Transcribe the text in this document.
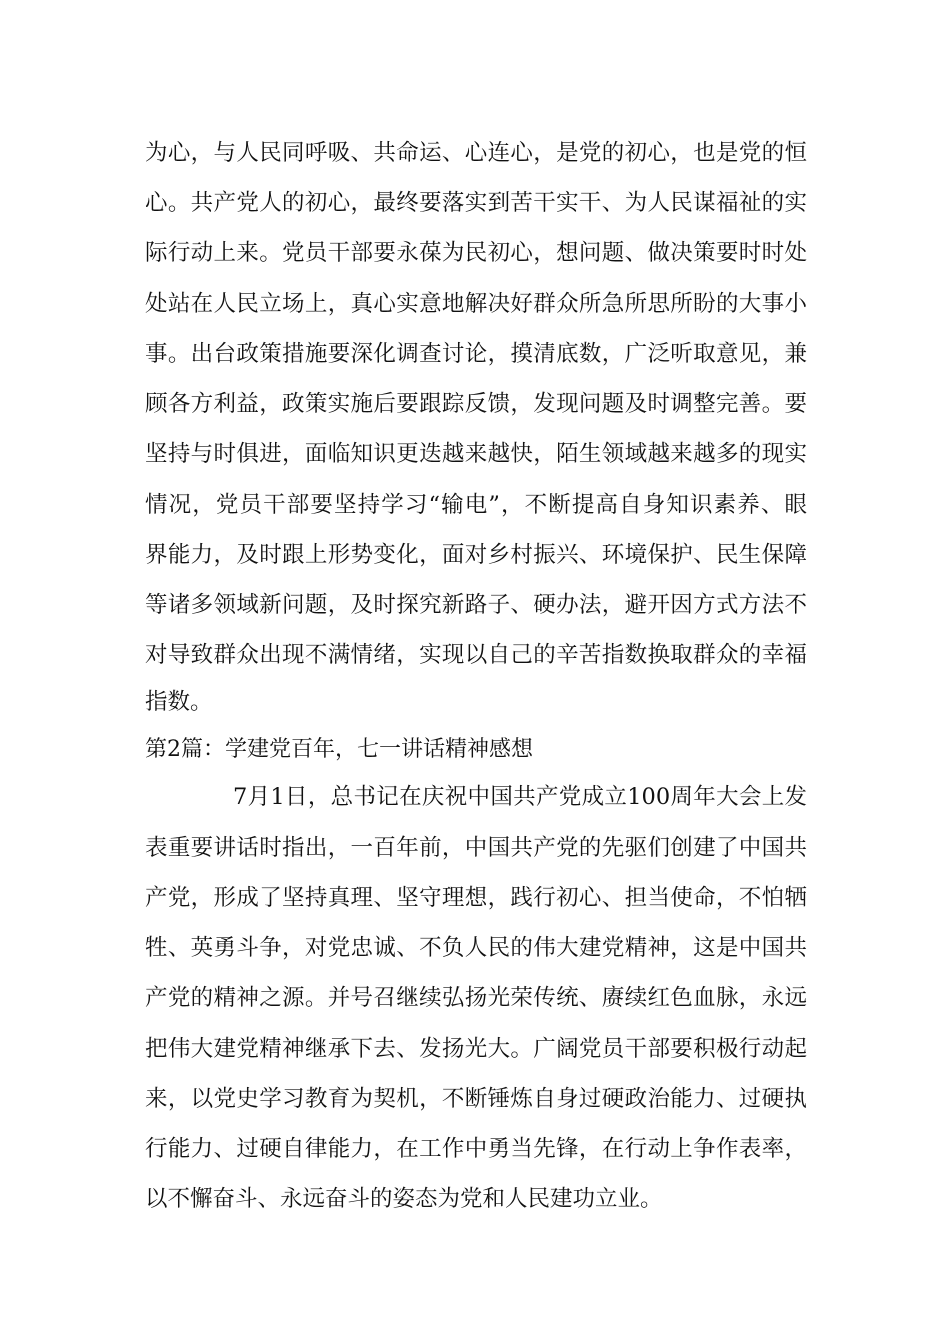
为心，与人民同呼吸、共命运、心连心，是党的初心，也是党的恒
心。共产党人的初心，最终要落实到苦干实干、为人民谋福祉的实
际行动上来。党员干部要永葆为民初心，想问题、做决策要时时处
处站在人民立场上，真心实意地解决好群众所急所思所盼的大事小
事。出台政策措施要深化调查讨论，摸清底数，广泛听取意见，兼
顾各方利益，政策实施后要跟踪反馈，发现问题及时调整完善。要
坚持与时俱进，面临知识更迭越来越快，陌生领域越来越多的现实
情况，党员干部要坚持学习“输电”，不断提高自身知识素养、眼
界能力，及时跟上形势变化，面对乡村振兴、环境保护、民生保障
等诸多领域新问题，及时探究新路子、硬办法，避开因方式方法不
对导致群众出现不满情绪，实现以自己的辛苦指数换取群众的幸福
指数。
第2篇：学建党百年，七一讲话精神感想
7月1日，总书记在庆祝中国共产党成立100周年大会上发
表重要讲话时指出，一百年前，中国共产党的先驱们创建了中国共
产党，形成了坚持真理、坚守理想，践行初心、担当使命，不怕牺
牲、英勇斗争，对党忠诚、不负人民的伟大建党精神，这是中国共
产党的精神之源。并号召继续弘扬光荣传统、赓续红色血脉，永远
把伟大建党精神继承下去、发扬光大。广阔党员干部要积极行动起
来，以党史学习教育为契机，不断锤炼自身过硬政治能力、过硬执
行能力、过硬自律能力，在工作中勇当先锋，在行动上争作表率，
以不懈奋斗、永远奋斗的姿态为党和人民建功立业。
